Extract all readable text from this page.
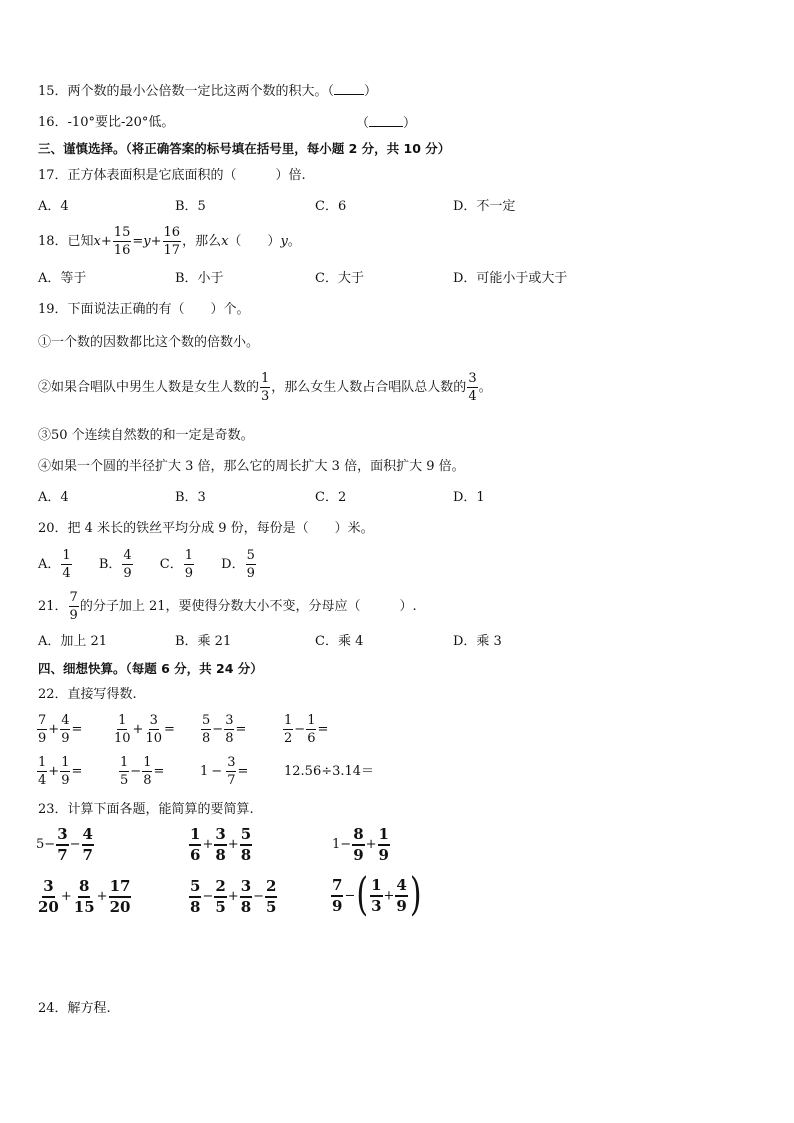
15．两个数的最小公倍数一定比这两个数的积大。（ ）
16．-10°要比-20°低。	（	）
三、谨慎选择。（将正确答案的标号填在括号里，每小题 2 分，共 10 分）
17．正方体表面积是它底面积的（　　　）倍.
A．4	B．5	C．6	D．不一定
18．已知$x+ \frac{15}{16} =y+ \frac{16}{17}$ ，那么x（　　）y。
A．等于	B．小于	C．大于	D．可能小于或大于
19．下面说法正确的有（　　）个。
①一个数的因数都比这个数的倍数小。
②如果合唱队中男生人数是女生人数的 $\frac{1}{3}$ ，那么女生人数占合唱队总人数的 $\frac{3}{4}$ 。
③50 个连续自然数的和一定是奇数。
④如果一个圆的半径扩大 3 倍，那么它的周长扩大 3 倍，面积扩大 9 倍。
A．4	B．3	C．2	D．1
20．把 4 米长的铁丝平均分成 9 份，每份是（　　）米。
A． $\frac{1}{4}$ B． $\frac{4}{9}$ C． $\frac{1}{9}$ D． $\frac{5}{9}$
21． $\frac{7}{9}$ 的分子加上 21，要使得分数大小不变，分母应（　　　）.
A．加上 21	B．乘 21	C．乘 4	D．乘 3
四、细想快算。（每题 6 分，共 24 分）
22．直接写得数.
$\frac{7}{9} + \frac{4}{9} = \frac{1}{10} + \frac{3}{10} = \frac{5}{8} - \frac{3}{8}$ =	$\frac{1}{2} - \frac{1}{6}$ =
$\frac{1}{4} + \frac{1}{9}$ =	$\frac{1}{5} - \frac{1}{8}$ =	$1 - \frac{3}{7}$ =	12.56÷3.14＝
23．计算下面各题，能简算的要简算.
$5- \frac{3}{7} - \frac{4}{7}$	$\frac{1}{6} + \frac{3}{8} + \frac{5}{8}$	$1- \frac{8}{9} + \frac{1}{9}$
$\frac{3}{20} + \frac{8}{15} + \frac{17}{20}$	$\frac{5}{8} - \frac{2}{5} + \frac{3}{8} - \frac{2}{5}$	$\frac{7}{9}$ −( $\frac{1}{3} + \frac{4}{9}$ )
24．解方程.
